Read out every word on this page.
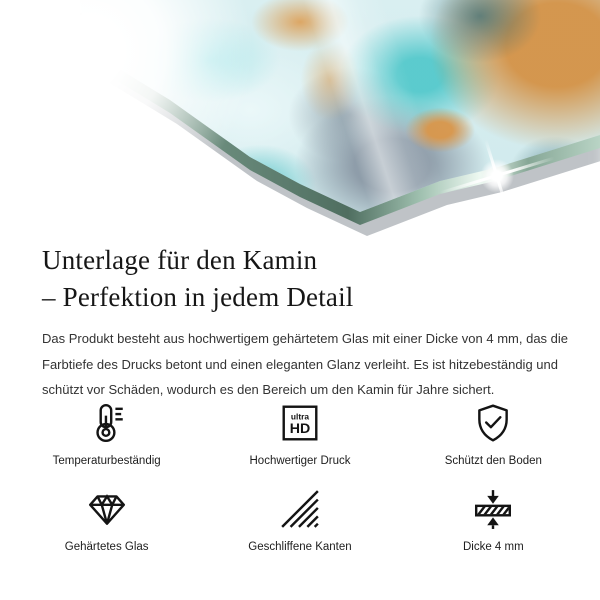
Unterlage für den Kamin
– Perfektion in jedem Detail

Das Produkt besteht aus hochwertigem gehärtetem Glas mit einer Dicke von 4 mm, das die
Farbtiefe des Drucks betont und einen eleganten Glanz verleiht. Es ist hitzebeständig und
schützt vor Schäden, wodurch es den Bereich um den Kamin für Jahre sichert.

Temperaturbeständig
ultra
HD
Hochwertiger Druck	Schützt den Boden
Gehärtetes Glas	Geschliffene Kanten	Dicke 4 mm
